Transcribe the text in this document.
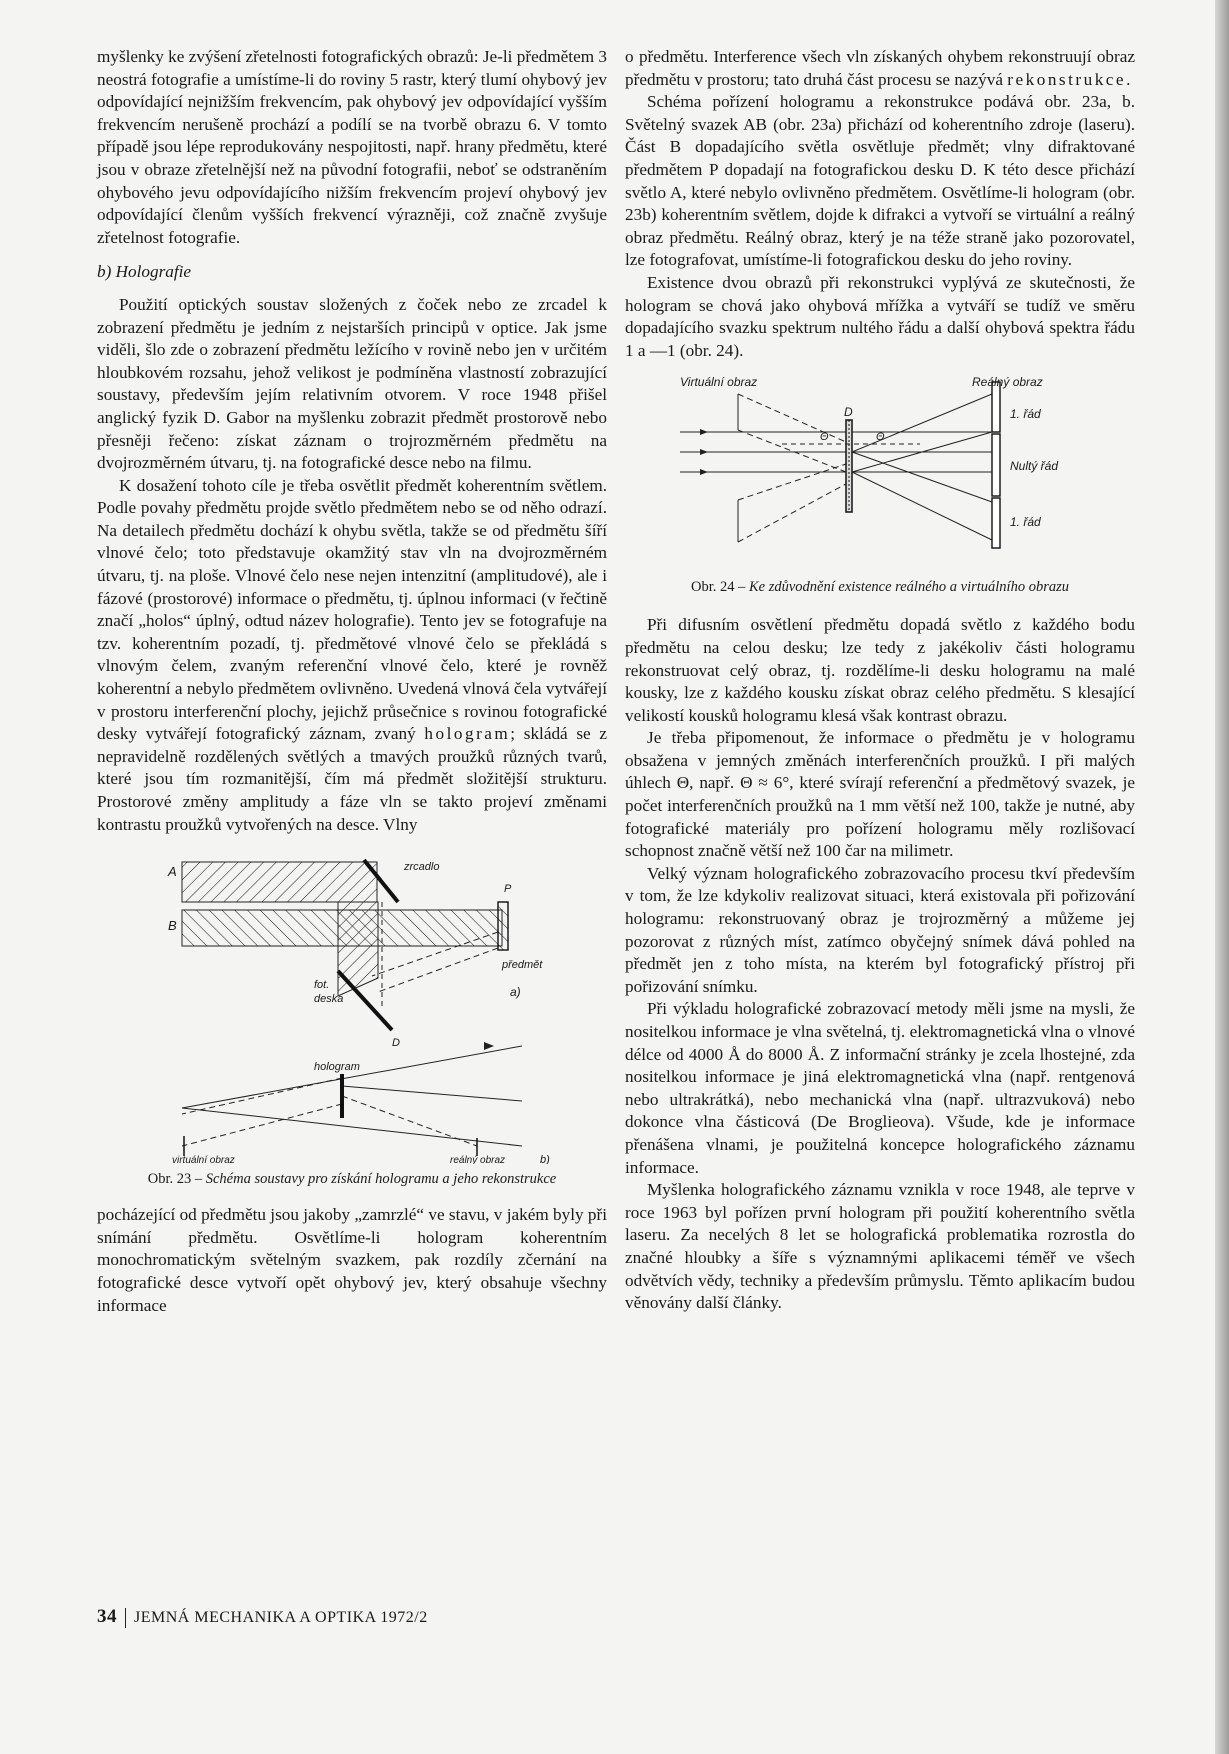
myšlenky ke zvýšení zřetelnosti fotografických obrazů: Je-li předmětem 3 neostrá fotografie a umístíme-li do roviny 5 rastr, který tlumí ohybový jev odpovídající nejnižším frekvencím, pak ohybový jev odpovídající vyšším frekvencím nerušeně prochází a podílí se na tvorbě obrazu 6. V tomto případě jsou lépe reprodukovány nespojitosti, např. hrany předmětu, které jsou v obraze zřetelnější než na původní fotografii, neboť se odstraněním ohybového jevu odpovídajícího nižším frekvencím projeví ohybový jev odpovídající členům vyšších frekvencí výrazněji, což značně zvyšuje zřetelnost fotografie.

b) Holografie

Použití optických soustav složených z čoček nebo ze zrcadel k zobrazení předmětu je jedním z nejstarších principů v optice. Jak jsme viděli, šlo zde o zobrazení předmětu ležícího v rovině nebo jen v určitém hloubkovém rozsahu, jehož velikost je podmíněna vlastností zobrazující soustavy, především jejím relativním otvorem. V roce 1948 přišel anglický fyzik D. Gabor na myšlenku zobrazit předmět prostorově nebo přesněji řečeno: získat záznam o trojrozměrném předmětu na dvojrozměrném útvaru, tj. na fotografické desce nebo na filmu.

K dosažení tohoto cíle je třeba osvětlit předmět koherentním světlem. Podle povahy předmětu projde světlo předmětem nebo se od něho odrazí. Na detailech předmětu dochází k ohybu světla, takže se od předmětu šíří vlnové čelo; toto představuje okamžitý stav vln na dvojrozměrném útvaru, tj. na ploše. Vlnové čelo nese nejen intenzitní (amplitudové), ale i fázové (prostorové) informace o předmětu, tj. úplnou informaci (v řečtině značí „holos“ úplný, odtud název holografie). Tento jev se fotografuje na tzv. koherentním pozadí, tj. předmětové vlnové čelo se překládá s vlnovým čelem, zvaným referenční vlnové čelo, které je rovněž koherentní a nebylo předmětem ovlivněno. Uvedená vlnová čela vytvářejí v prostoru interferenční plochy, jejichž průsečnice s rovinou fotografické desky vytvářejí fotografický záznam, zvaný hologram; skládá se z nepravidelně rozdělených světlých a tmavých proužků různých tvarů, které jsou tím rozmanitější, čím má předmět složitější strukturu. Prostorové změny amplitudy a fáze vln se takto projeví změnami kontrastu proužků vytvořených na desce. Vlny

A
B
zrcadlo
P
předmět
fot.
deska
D
a)
hologram
virtuální obraz	reálný obraz	b)
Obr. 23 – Schéma soustavy pro získání hologramu a jeho rekonstrukce

pocházející od předmětu jsou jakoby „zamrzlé“ ve stavu, v jakém byly při snímání předmětu. Osvětlíme-li hologram koherentním monochromatickým světelným svazkem, pak rozdíly zčernání na fotografické desce vytvoří opět ohybový jev, který obsahuje všechny informace

o předmětu. Interference všech vln získaných ohybem rekonstruují obraz předmětu v prostoru; tato druhá část procesu se nazývá rekonstrukce.

Schéma pořízení hologramu a rekonstrukce podává obr. 23a, b. Světelný svazek AB (obr. 23a) přichází od koherentního zdroje (laseru). Část B dopadajícího světla osvětluje předmět; vlny difraktované předmětem P dopadají na fotografickou desku D. K této desce přichází světlo A, které nebylo ovlivněno předmětem. Osvětlíme-li hologram (obr. 23b) koherentním světlem, dojde k difrakci a vytvoří se virtuální a reálný obraz předmětu. Reálný obraz, který je na téže straně jako pozorovatel, lze fotografovat, umístíme-li fotografickou desku do jeho roviny.

Existence dvou obrazů při rekonstrukci vyplývá ze skutečnosti, že hologram se chová jako ohybová mřížka a vytváří se tudíž ve směru dopadajícího svazku spektrum nultého řádu a další ohybová spektra řádu 1 a —1 (obr. 24).

Virtuální obraz	Reálný obraz
1. řád
Nultý řád
1. řád
D
Θ	Θ
Obr. 24 – Ke zdůvodnění existence reálného a virtuálního obrazu

Při difusním osvětlení předmětu dopadá světlo z každého bodu předmětu na celou desku; lze tedy z jakékoliv části hologramu rekonstruovat celý obraz, tj. rozdělíme-li desku hologramu na malé kousky, lze z každého kousku získat obraz celého předmětu. S klesající velikostí kousků hologramu klesá však kontrast obrazu.

Je třeba připomenout, že informace o předmětu je v hologramu obsažena v jemných změnách interferenčních proužků. I při malých úhlech Θ, např. Θ ≈ 6°, které svírají referenční a předmětový svazek, je počet interferenčních proužků na 1 mm větší než 100, takže je nutné, aby fotografické materiály pro pořízení hologramu měly rozlišovací schopnost značně větší než 100 čar na milimetr.

Velký význam holografického zobrazovacího procesu tkví především v tom, že lze kdykoliv realizovat situaci, která existovala při pořizování hologramu: rekonstruovaný obraz je trojrozměrný a můžeme jej pozorovat z různých míst, zatímco obyčejný snímek dává pohled na předmět jen z toho místa, na kterém byl fotografický přístroj při pořizování snímku.

Při výkladu holografické zobrazovací metody měli jsme na mysli, že nositelkou informace je vlna světelná, tj. elektromagnetická vlna o vlnové délce od 4000 Å do 8000 Å. Z informační stránky je zcela lhostejné, zda nositelkou informace je jiná elektromagnetická vlna (např. rentgenová nebo ultrakrátká), nebo mechanická vlna (např. ultrazvuková) nebo dokonce vlna částicová (De Broglieova). Všude, kde je informace přenášena vlnami, je použitelná koncepce holografického záznamu informace.

Myšlenka holografického záznamu vznikla v roce 1948, ale teprve v roce 1963 byl pořízen první hologram při použití koherentního světla laseru. Za necelých 8 let se holografická problematika rozrostla do značné hloubky a šíře s významnými aplikacemi téměř ve všech odvětvích vědy, techniky a především průmyslu. Těmto aplikacím budou věnovány další články.

34 JEMNÁ MECHANIKA A OPTIKA 1972/2
